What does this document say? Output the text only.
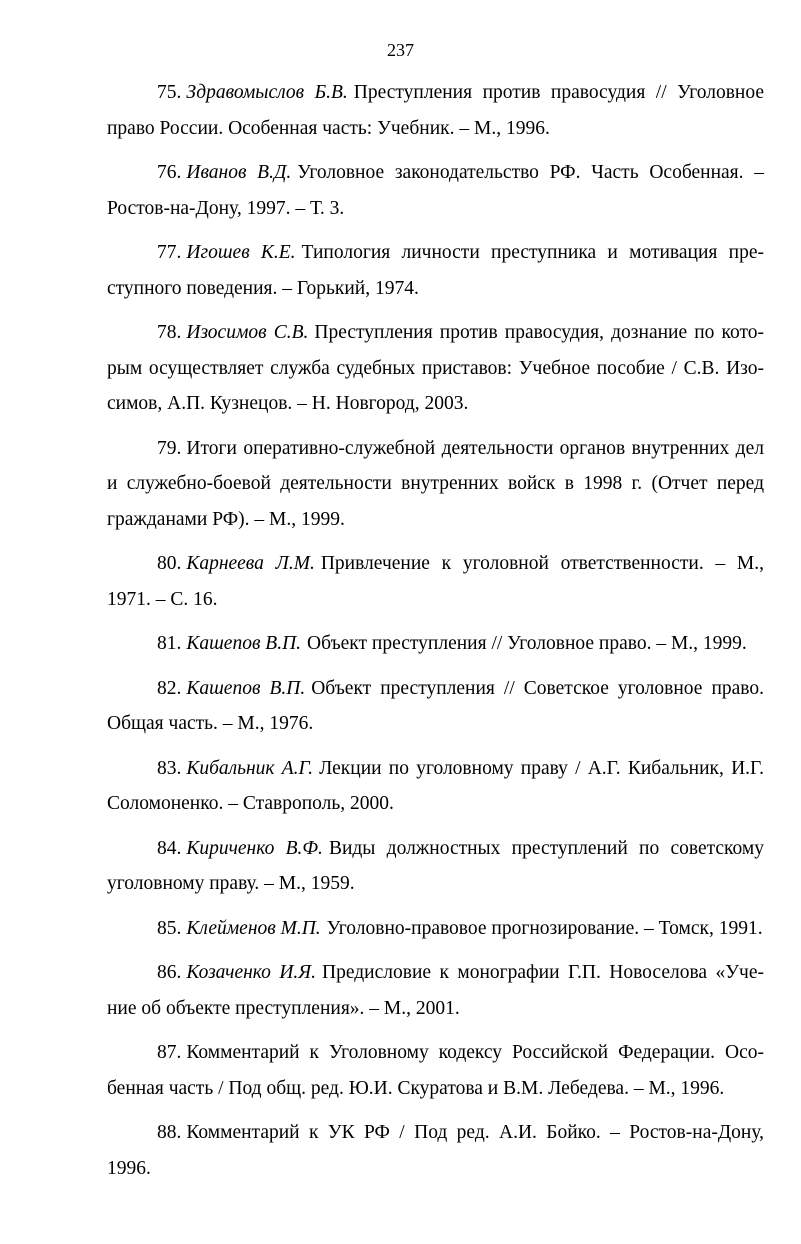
237
75. Здравомыслов Б.В. Преступления против правосудия // Уголовное право России. Особенная часть: Учебник. – М., 1996.
76. Иванов В.Д. Уголовное законодательство РФ. Часть Особенная. – Ростов-на-Дону, 1997. – Т. 3.
77. Игошев К.Е. Типология личности преступника и мотивация преступного поведения. – Горький, 1974.
78. Изосимов С.В. Преступления против правосудия, дознание по которым осуществляет служба судебных приставов: Учебное пособие / С.В. Изосимов, А.П. Кузнецов. – Н. Новгород, 2003.
79. Итоги оперативно-служебной деятельности органов внутренних дел и служебно-боевой деятельности внутренних войск в 1998 г. (Отчет перед гражданами РФ). – М., 1999.
80. Карнеева Л.М. Привлечение к уголовной ответственности. – М., 1971. – С. 16.
81. Кашепов В.П. Объект преступления // Уголовное право. – М., 1999.
82. Кашепов В.П. Объект преступления // Советское уголовное право. Общая часть. – М., 1976.
83. Кибальник А.Г. Лекции по уголовному праву / А.Г. Кибальник, И.Г. Соломоненко. – Ставрополь, 2000.
84. Кириченко В.Ф. Виды должностных преступлений по советскому уголовному праву. – М., 1959.
85. Клейменов М.П. Уголовно-правовое прогнозирование. – Томск, 1991.
86. Козаченко И.Я. Предисловие к монографии Г.П. Новоселова «Учение об объекте преступления». – М., 2001.
87. Комментарий к Уголовному кодексу Российской Федерации. Особенная часть / Под общ. ред. Ю.И. Скуратова и В.М. Лебедева. – М., 1996.
88. Комментарий к УК РФ / Под ред. А.И. Бойко. – Ростов-на-Дону, 1996.
